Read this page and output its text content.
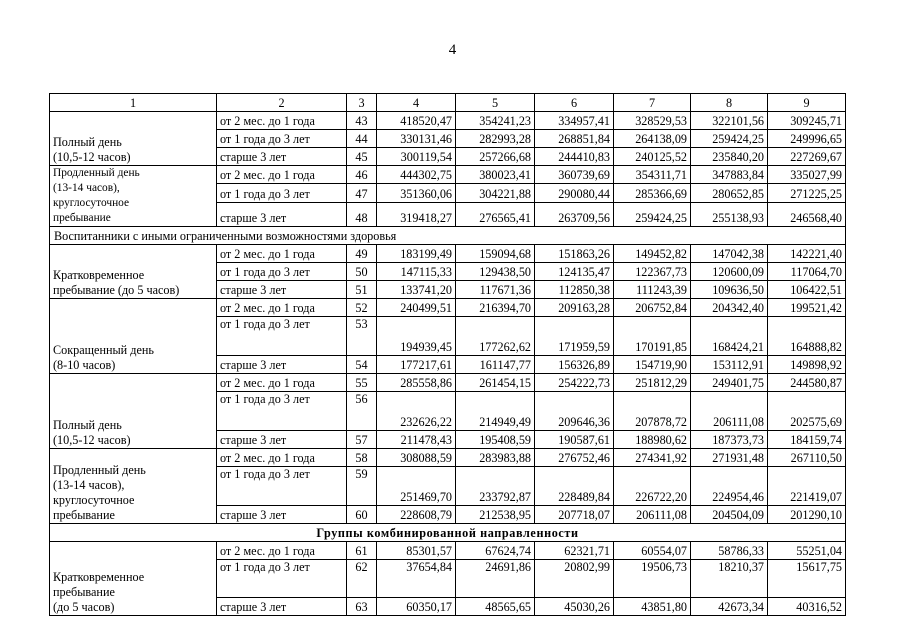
4
1	2	3	4	5	6	7	8	9

Полный день
(10,5-12 часов)	от 2 мес. до 1 года	43	418520,47	354241,23	334957,41	328529,53	322101,56	309245,71
	от 1 года до 3 лет	44	330131,46	282993,28	268851,84	264138,09	259424,25	249996,65
	старше 3 лет	45	300119,54	257266,68	244410,83	240125,52	235840,20	227269,67

Продленный день
(13-14 часов),
круглосуточное
пребывание	от 2 мес. до 1 года	46	444302,75	380023,41	360739,69	354311,71	347883,84	335027,99
	от 1 года до 3 лет	47	351360,06	304221,88	290080,44	285366,69	280652,85	271225,25
	старше 3 лет	48	319418,27	276565,41	263709,56	259424,25	255138,93	246568,40
Воспитанники с иными ограниченными возможностями здоровья								

Кратковременное
пребывание (до 5 часов)	от 2 мес. до 1 года	49	183199,49	159094,68	151863,26	149452,82	147042,38	142221,40
	от 1 года до 3 лет	50	147115,33	129438,50	124135,47	122367,73	120600,09	117064,70
	старше 3 лет	51	133741,20	117671,36	112850,38	111243,39	109636,50	106422,51

Сокращенный день
(8-10 часов)	от 2 мес. до 1 года	52	240499,51	216394,70	209163,28	206752,84	204342,40	199521,42
	от 1 года до 3 лет	53	194939,45	177262,62	171959,59	170191,85	168424,21	164888,82
	старше 3 лет	54	177217,61	161147,77	156326,89	154719,90	153112,91	149898,92

Полный день
(10,5-12 часов)	от 2 мес. до 1 года	55	285558,86	261454,15	254222,73	251812,29	249401,75	244580,87
	от 1 года до 3 лет	56	232626,22	214949,49	209646,36	207878,72	206111,08	202575,69
	старше 3 лет	57	211478,43	195408,59	190587,61	188980,62	187373,73	184159,74

Продленный день
(13-14 часов),
круглосуточное
пребывание	от 2 мес. до 1 года	58	308088,59	283983,88	276752,46	274341,92	271931,48	267110,50
	от 1 года до 3 лет	59	251469,70	233792,87	228489,84	226722,20	224954,46	221419,07
	старше 3 лет	60	228608,79	212538,95	207718,07	206111,08	204504,09	201290,10
Группы комбинированной направленности								

Кратковременное
пребывание
(до 5 часов)	от 2 мес. до 1 года	61	85301,57	67624,74	62321,71	60554,07	58786,33	55251,04
	от 1 года до 3 лет	62	37654,84	24691,86	20802,99	19506,73	18210,37	15617,75
	старше 3 лет	63	60350,17	48565,65	45030,26	43851,80	42673,34	40316,52
